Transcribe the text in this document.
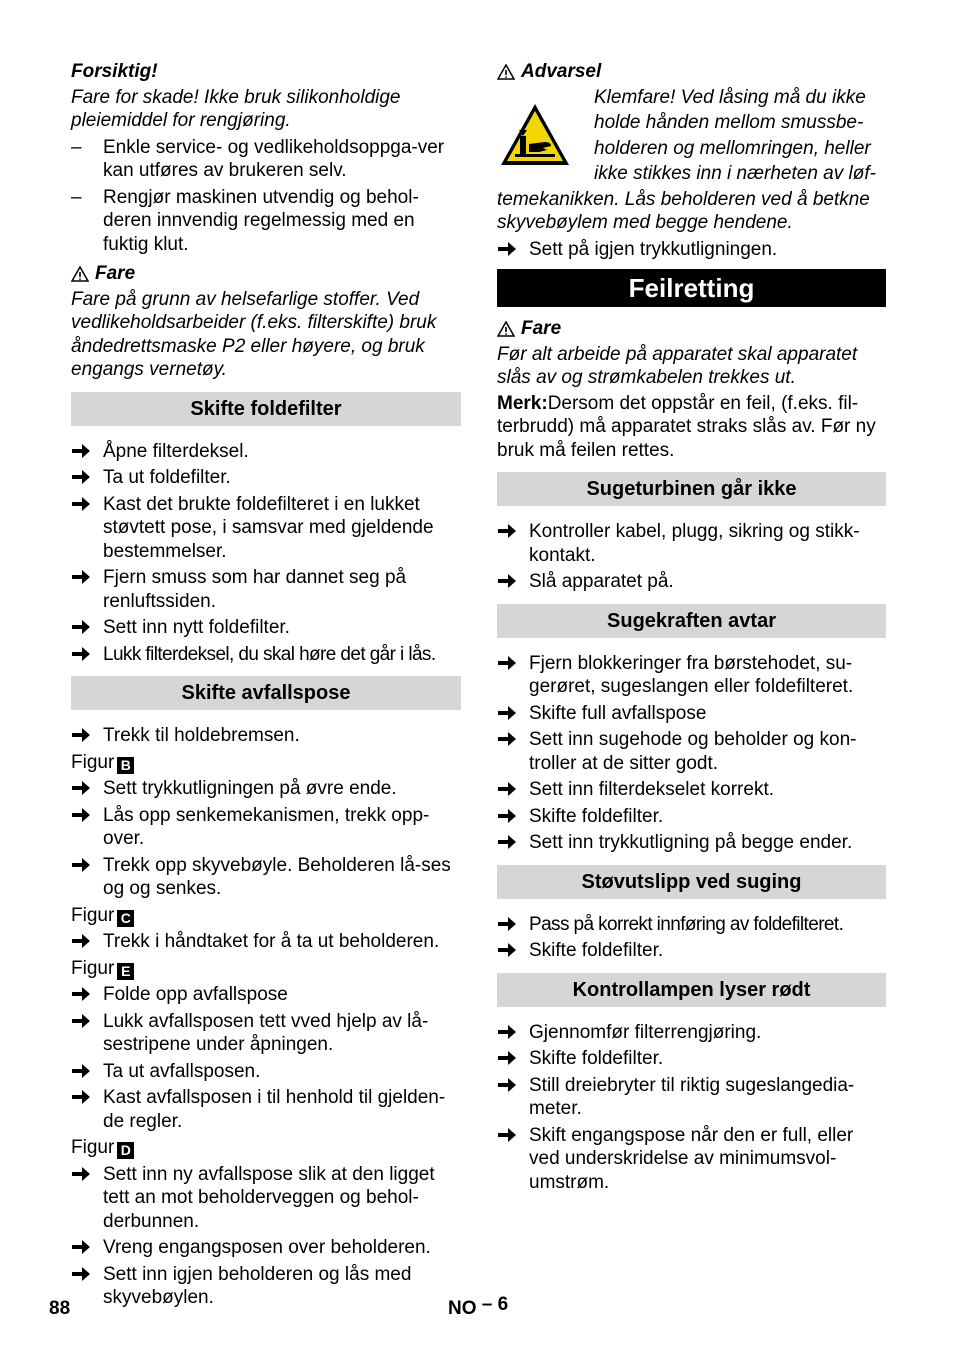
Forsiktig!
Fare for skade! Ikke bruk silikonholdige pleiemiddel for rengjøring.
– Enkle service- og vedlikeholdsoppga-ver kan utføres av brukeren selv.
– Rengjør maskinen utvendig og behol-deren innvendig regelmessig med en fuktig klut.
Fare
Fare på grunn av helsefarlige stoffer. Ved vedlikeholdsarbeider (f.eks. filterskifte) bruk åndedrettsmaske P2 eller høyere, og bruk engangs vernetøy.
Skifte foldefilter
Åpne filterdeksel.
Ta ut foldefilter.
Kast det brukte foldefilteret i en lukket støvtett pose, i samsvar med gjeldende bestemmelser.
Fjern smuss som har dannet seg på renluftssiden.
Sett inn nytt foldefilter.
Lukk filterdeksel, du skal høre det går i lås.
Skifte avfallspose
Trekk til holdebremsen.
Figur B
Sett trykkutligningen på øvre ende.
Lås opp senkemekanismen, trekk opp-over.
Trekk opp skyvebøyle. Beholderen lå-ses og og senkes.
Figur C
Trekk i håndtaket for å ta ut beholderen.
Figur E
Folde opp avfallspose
Lukk avfallsposen tett vved hjelp av lå-sestripene under åpningen.
Ta ut avfallsposen.
Kast avfallsposen i til henhold til gjelden-de regler.
Figur D
Sett inn ny avfallspose slik at den ligget tett an mot beholderveggen og behol-derbunnen.
Vreng engangsposen over beholderen.
Sett inn igjen beholderen og lås med skyvebøylen.
Advarsel
Klemfare! Ved låsing må du ikke
holde hånden mellom smussbe-
holderen og mellomringen, heller
ikke stikkes inn i nærheten av løf-
temekanikken. Lås beholderen ved å betkne skyvebøylem med begge hendene.
Sett på igjen trykkutligningen.
Feilretting
Fare
Før alt arbeide på apparatet skal apparatet slås av og strømkabelen trekkes ut.
Merk:Dersom det oppstår en feil, (f.eks. fil-terbrudd) må apparatet straks slås av. Før ny bruk må feilen rettes.
Sugeturbinen går ikke
Kontroller kabel, plugg, sikring og stikk-kontakt.
Slå apparatet på.
Sugekraften avtar
Fjern blokkeringer fra børstehodet, su-gerøret, sugeslangen eller foldefilteret.
Skifte full avfallspose
Sett inn sugehode og beholder og kon-troller at de sitter godt.
Sett inn filterdekselet korrekt.
Skifte foldefilter.
Sett inn trykkutligning på begge ender.
Støvutslipp ved suging
Pass på korrekt innføring av foldefilteret.
Skifte foldefilter.
Kontrollampen lyser rødt
Gjennomfør filterrengjøring.
Skifte foldefilter.
Still dreiebryter til riktig sugeslangedia-meter.
Skift engangspose når den er full, eller ved underskridelse av minimumsvol-umstrøm.
88	NO – 6
